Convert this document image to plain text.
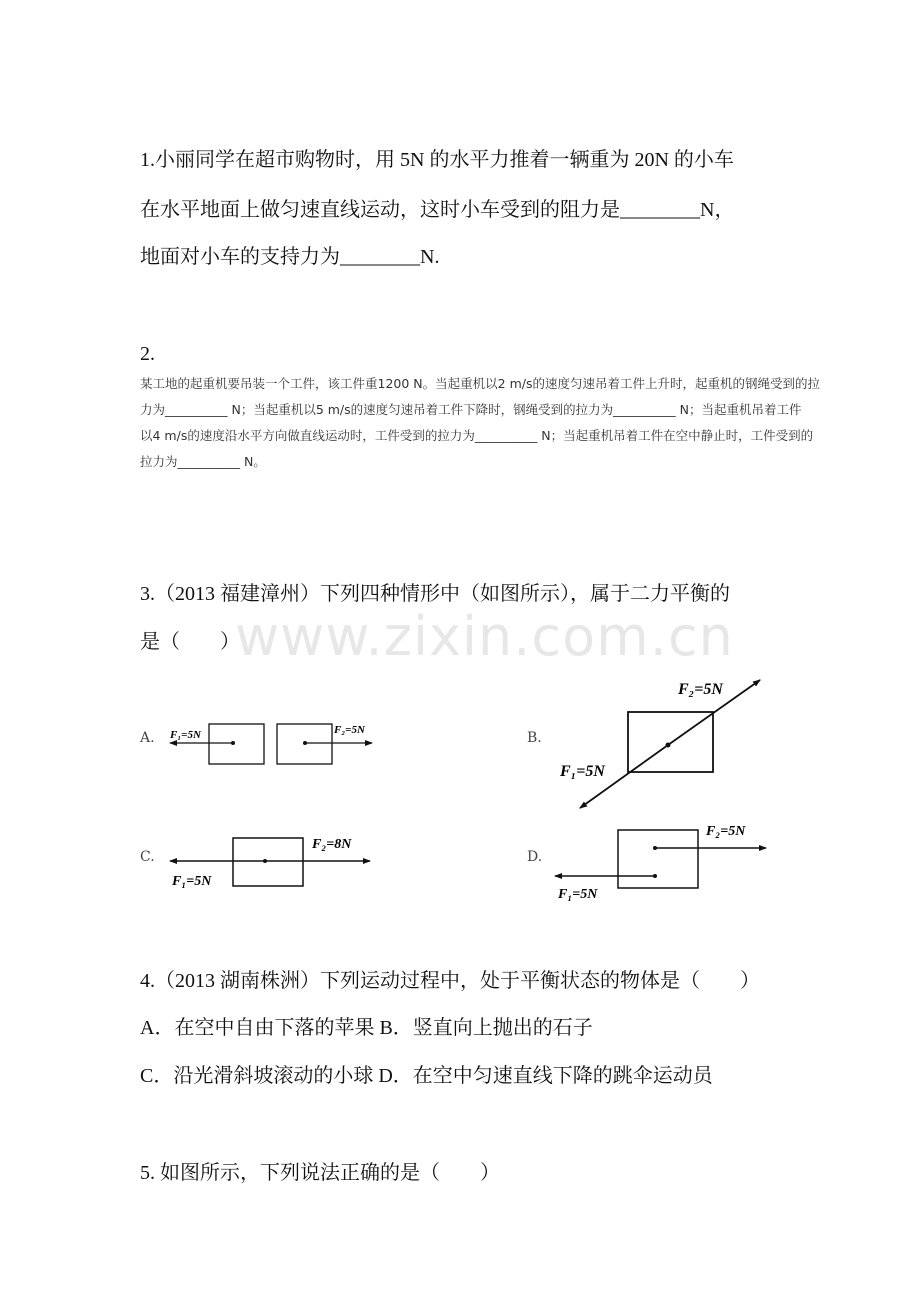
1.小丽同学在超市购物时，用 5N 的水平力推着一辆重为 20N 的小车
在水平地面上做匀速直线运动，这时小车受到的阻力是________N，
地面对小车的支持力为________N.
2.
某工地的起重机要吊装一个工件，该工件重1200 N。当起重机以2 m/s的速度匀速吊着工件上升时，起重机的钢绳受到的拉
力为__________ N；当起重机以5 m/s的速度匀速吊着工件下降时，钢绳受到的拉力为__________ N；当起重机吊着工件
以4 m/s的速度沿水平方向做直线运动时，工件受到的拉力为__________ N；当起重机吊着工件在空中静止时，工件受到的
拉力为__________ N。
3.（2013 福建漳州）下列四种情形中（如图所示），属于二力平衡的
是（　　）
www.zixin.com.cn
A. F₁=5N	F₂=5N
F₂=5N
F₁=5N
F₂=8N
F₁=5N
F₂=5N
F₁=5N
B.
C.	D.
4.（2013 湖南株洲）下列运动过程中，处于平衡状态的物体是（　　）
A．在空中自由下落的苹果 B．竖直向上抛出的石子
C．沿光滑斜坡滚动的小球 D．在空中匀速直线下降的跳伞运动员
5. 如图所示，下列说法正确的是（　　）
